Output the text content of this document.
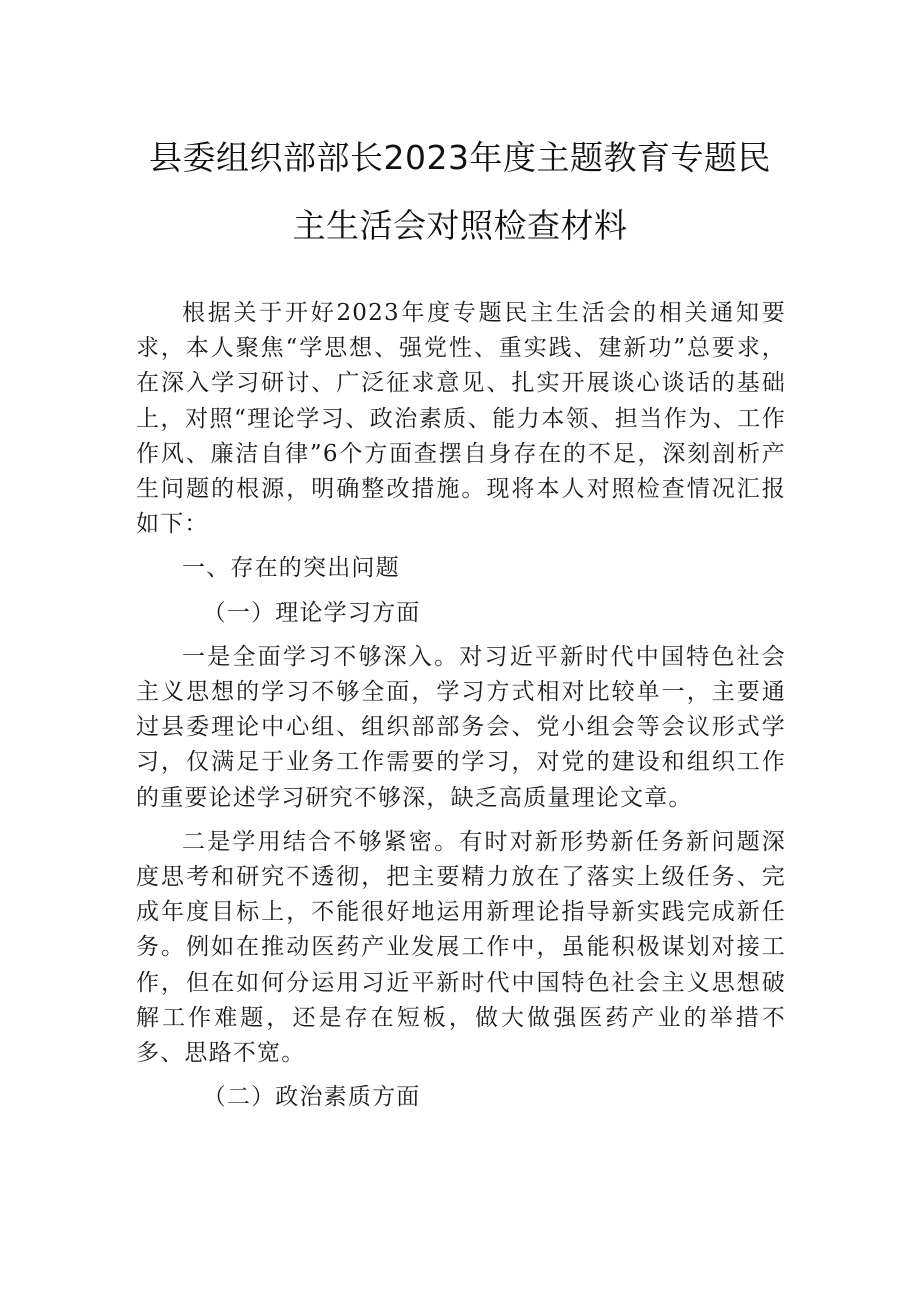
县委组织部部长2023年度主题教育专题民
主生活会对照检查材料

根据关于开好2023年度专题民主生活会的相关通知要求，本人聚焦“学思想、强党性、重实践、建新功”总要求，在深入学习研讨、广泛征求意见、扎实开展谈心谈话的基础上，对照“理论学习、政治素质、能力本领、担当作为、工作作风、廉洁自律”6个方面查摆自身存在的不足，深刻剖析产生问题的根源，明确整改措施。现将本人对照检查情况汇报如下：

一、存在的突出问题

（一）理论学习方面

一是全面学习不够深入。对习近平新时代中国特色社会主义思想的学习不够全面，学习方式相对比较单一，主要通过县委理论中心组、组织部部务会、党小组会等会议形式学习，仅满足于业务工作需要的学习，对党的建设和组织工作的重要论述学习研究不够深，缺乏高质量理论文章。

二是学用结合不够紧密。有时对新形势新任务新问题深度思考和研究不透彻，把主要精力放在了落实上级任务、完成年度目标上，不能很好地运用新理论指导新实践完成新任务。例如在推动医药产业发展工作中，虽能积极谋划对接工作，但在如何分运用习近平新时代中国特色社会主义思想破解工作难题，还是存在短板，做大做强医药产业的举措不多、思路不宽。

（二）政治素质方面
